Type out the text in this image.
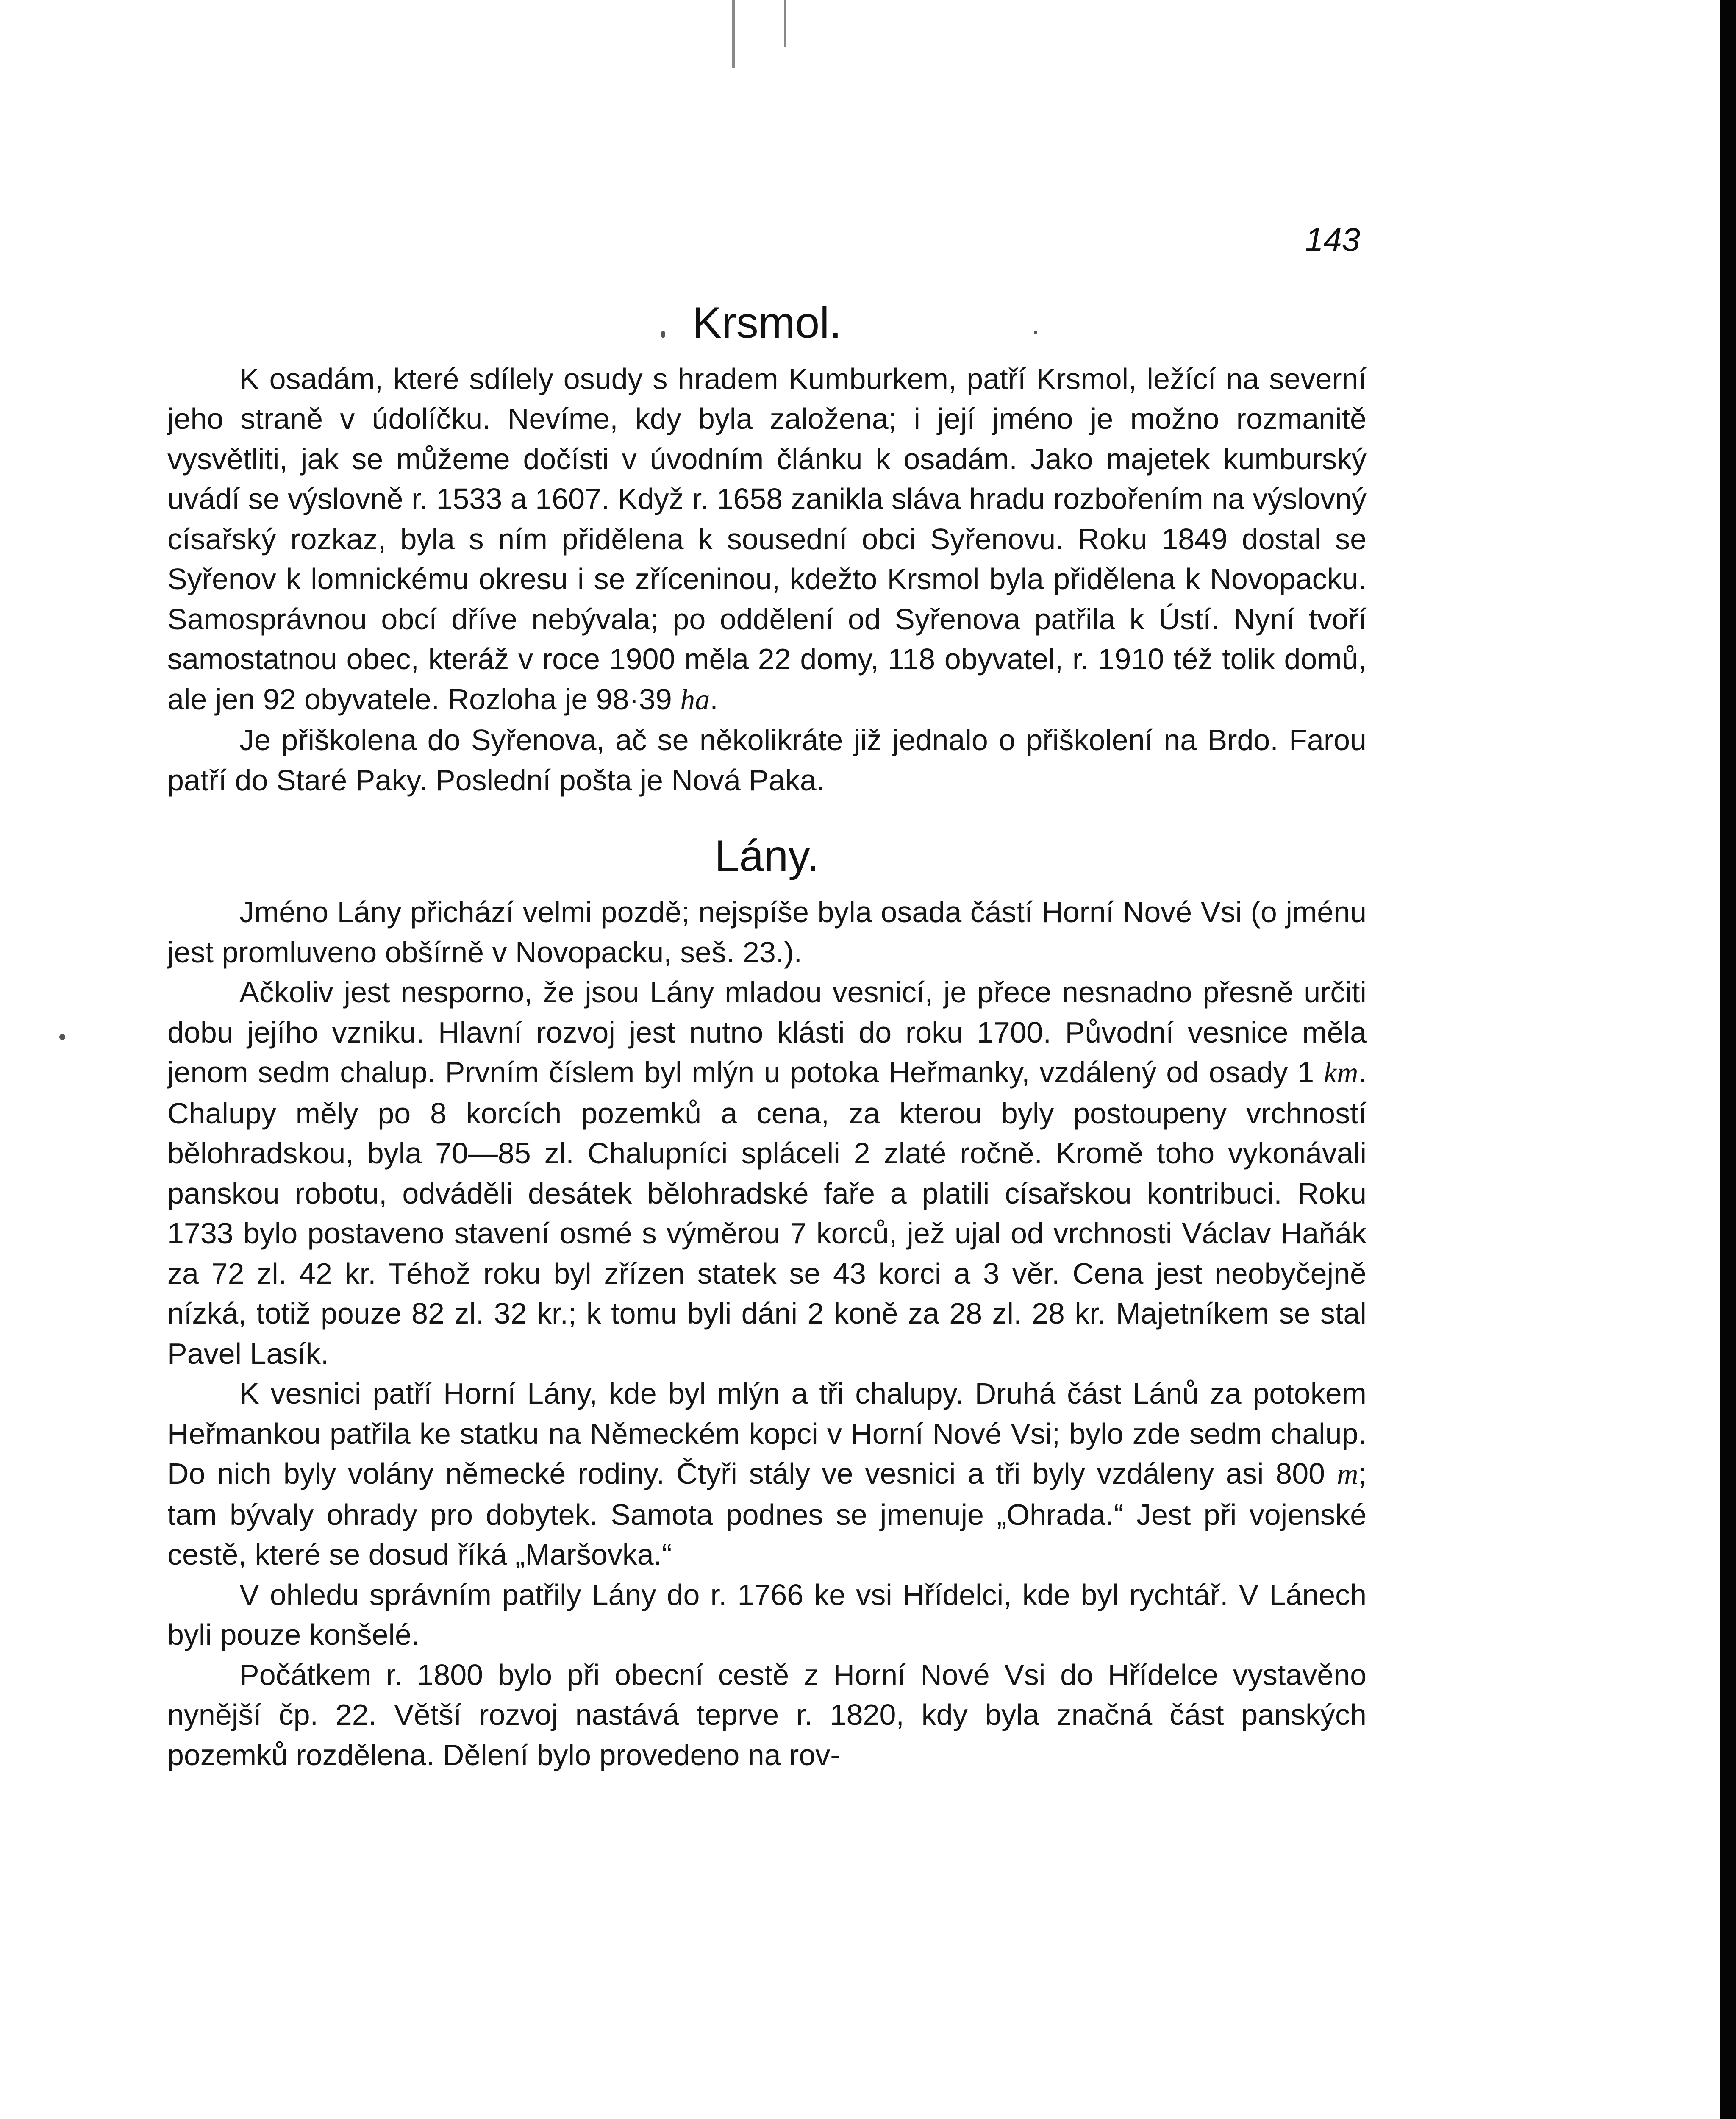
143
Krsmol.

K osadám, které sdílely osudy s hradem Kumburkem, patří Krsmol, ležící na severní jeho straně v údolíčku. Nevíme, kdy byla založena; i její jméno je možno rozmanitě vysvětliti, jak se můžeme dočísti v úvodním článku k osadám. Jako majetek kumburský uvádí se výslovně r. 1533 a 1607. Když r. 1658 zanikla sláva hradu rozbořením na výslovný císařský rozkaz, byla s ním přidělena k sousední obci Syřenovu. Roku 1849 dostal se Syřenov k lomnickému okresu i se zříceninou, kdežto Krsmol byla přidělena k Novopacku. Samosprávnou obcí dříve nebývala; po oddělení od Syřenova patřila k Ústí. Nyní tvoří samostatnou obec, kteráž v roce 1900 měla 22 domy, 118 obyvatel, r. 1910 též tolik domů, ale jen 92 obyvatele. Rozloha je 98·39 ha.

Je přiškolena do Syřenova, ač se několikráte již jednalo o přiškolení na Brdo. Farou patří do Staré Paky. Poslední pošta je Nová Paka.

Lány.

Jméno Lány přichází velmi pozdě; nejspíše byla osada částí Horní Nové Vsi (o jménu jest promluveno obšírně v Novopacku, seš. 23.).

Ačkoliv jest nesporno, že jsou Lány mladou vesnicí, je přece nesnadno přesně určiti dobu jejího vzniku. Hlavní rozvoj jest nutno klásti do roku 1700. Původní vesnice měla jenom sedm chalup. Prvním číslem byl mlýn u potoka Heřmanky, vzdálený od osady 1 km. Chalupy měly po 8 korcích pozemků a cena, za kterou byly postoupeny vrchností bělohradskou, byla 70—85 zl. Chalupníci spláceli 2 zlaté ročně. Kromě toho vykonávali panskou robotu, odváděli desátek bělohradské faře a platili císařskou kontribuci. Roku 1733 bylo postaveno stavení osmé s výměrou 7 korců, jež ujal od vrchnosti Václav Haňák za 72 zl. 42 kr. Téhož roku byl zřízen statek se 43 korci a 3 věr. Cena jest neobyčejně nízká, totiž pouze 82 zl. 32 kr.; k tomu byli dáni 2 koně za 28 zl. 28 kr. Majetníkem se stal Pavel Lasík.

K vesnici patří Horní Lány, kde byl mlýn a tři chalupy. Druhá část Lánů za potokem Heřmankou patřila ke statku na Německém kopci v Horní Nové Vsi; bylo zde sedm chalup. Do nich byly volány německé rodiny. Čtyři stály ve vesnici a tři byly vzdáleny asi 800 m; tam bývaly ohrady pro dobytek. Samota podnes se jmenuje „Ohrada.“ Jest při vojenské cestě, které se dosud říká „Maršovka.“

V ohledu správním patřily Lány do r. 1766 ke vsi Hřídelci, kde byl rychtář. V Lánech byli pouze konšelé.

Počátkem r. 1800 bylo při obecní cestě z Horní Nové Vsi do Hřídelce vystavěno nynější čp. 22. Větší rozvoj nastává teprve r. 1820, kdy byla značná část panských pozemků rozdělena. Dělení bylo provedeno na rov-
